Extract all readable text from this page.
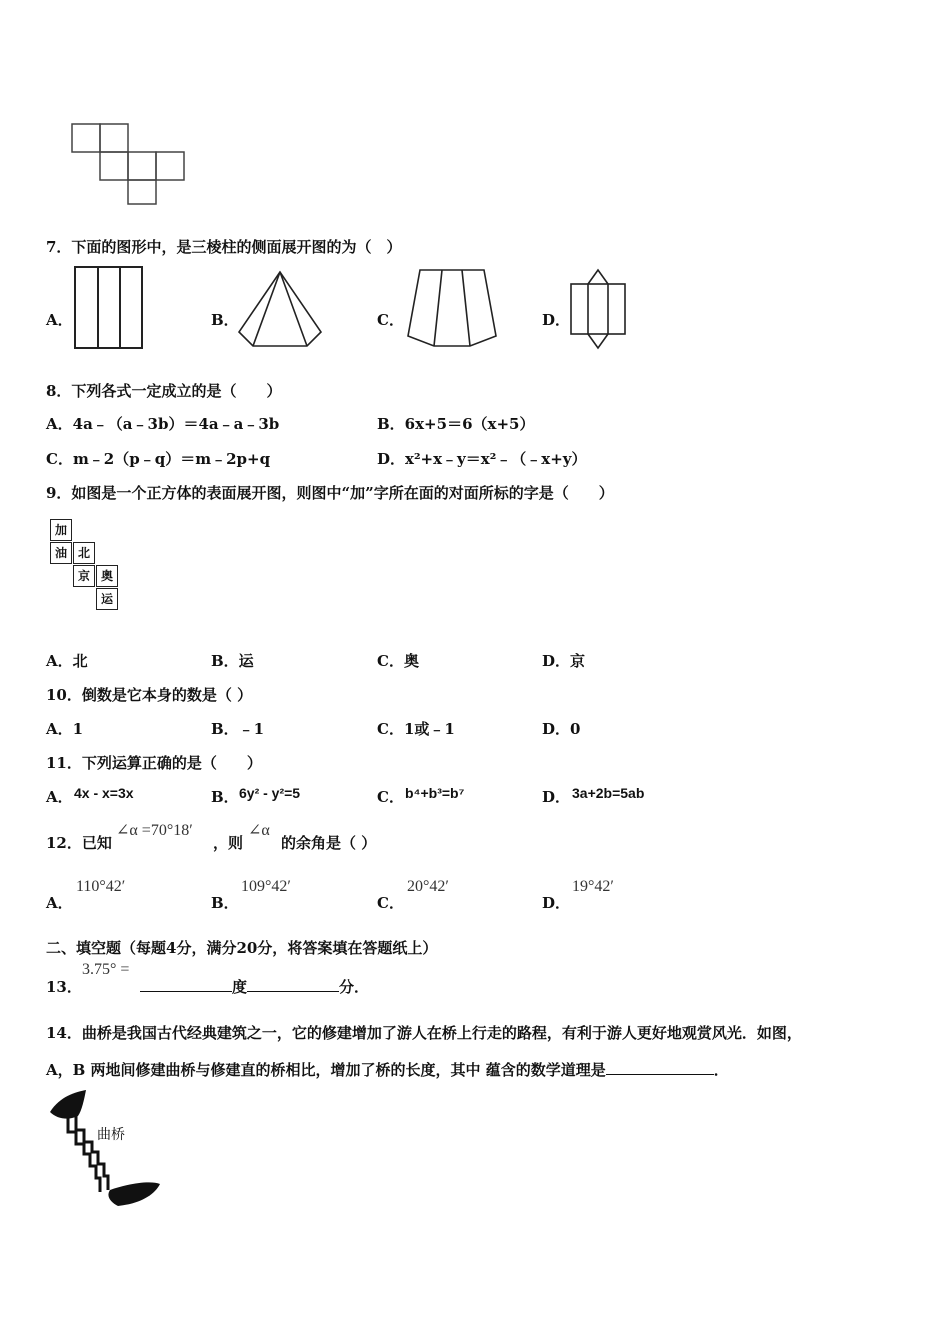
7．下面的图形中，是三棱柱的侧面展开图的为（　）
A．	B．	C．	D．
8．下列各式一定成立的是（　　）
A．4a﹣（a﹣3b）＝4a﹣a﹣3b	B．6x+5＝6（x+5）
C．m﹣2（p﹣q）＝m﹣2p+q	D．x²+x﹣y＝x²﹣（﹣x+y）
9．如图是一个正方体的表面展开图，则图中“加”字所在面的对面所标的字是（　　）
加
油 北
京 奥
运
A．北	B．运	C．奥	D．京
10．倒数是它本身的数是（ ）
A．1	B．﹣1	C．1或﹣1	D．0
11．下列运算正确的是（　　）
A． 4x - x=3x	B． 6y² - y²=5	C． b⁴+b³=b⁷	D． 3a+2b=5ab
12．已知
∠α =70°18′
，则
∠α
的余角是（ ）
A．
110°42′
B．
109°42′
C．
20°42′
D．
19°42′
二、填空题（每题4分，满分20分，将答案填在答题纸上）
13．
3.75° =
度	分．
14．曲桥是我国古代经典建筑之一，它的修建增加了游人在桥上行走的路程，有利于游人更好地观赏风光．如图，
A，B 两地间修建曲桥与修建直的桥相比，增加了桥的长度，其中 蕴含的数学道理是	．
曲桥
